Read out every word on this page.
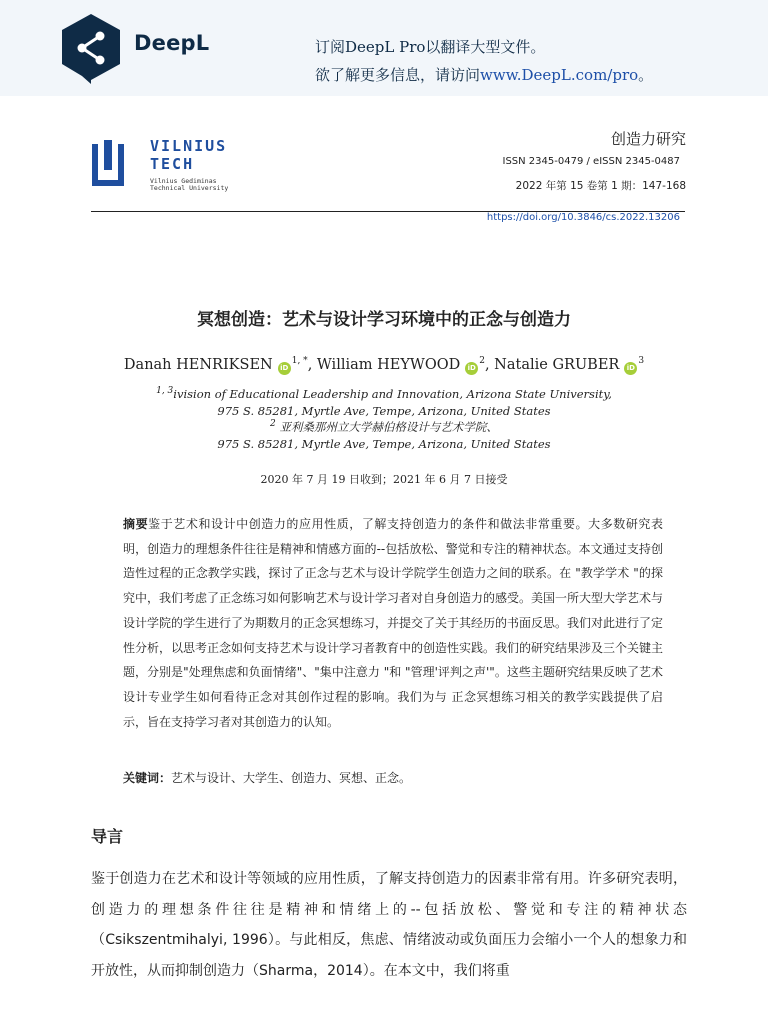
DeepL	订阅DeepL Pro以翻译大型文件。
欲了解更多信息，请访问www.DeepL.com/pro。
VILNIUS
TECH
Vilnius Gediminas
Technical University
创造力研究
ISSN 2345-0479 / eISSN 2345-0487
2022 年第 15 卷第 1 期：147-168
https://doi.org/10.3846/cs.2022.13206
冥想创造：艺术与设计学习环境中的正念与创造力
Danah HENRIKSEN $iD^{1, *}$, William HEYWOOD $iD^2$, Natalie GRUBER $iD^3$
$^{1, 3}$ivision of Educational Leadership and Innovation, Arizona State University,
975 S. 85281, Myrtle Ave, Tempe, Arizona, United States
$^2$ 亚利桑那州立大学赫伯格设计与艺术学院、
975 S. 85281, Myrtle Ave, Tempe, Arizona, United States
2020 年 7 月 19 日收到；2021 年 6 月 7 日接受
摘要鉴于艺术和设计中创造力的应用性质，了解支持创造力的条件和做法非常重要。大多数研究表明，创造力的理想条件往往是精神和情感方面的--包括放松、警觉和专注的精神状态。本文通过支持创造性过程的正念教学实践，探讨了正念与艺术与设计学院学生创造力之间的联系。在 "教学学术 "的探究中，我们考虑了正念练习如何影响艺术与设计学习者对自身创造力的感受。美国一所大型大学艺术与设计学院的学生进行了为期数月的正念冥想练习，并提交了关于其经历的书面反思。我们对此进行了定性分析，以思考正念如何支持艺术与设计学习者教育中的创造性实践。我们的研究结果涉及三个关键主题，分别是"处理焦虑和负面情绪"、"集中注意力 "和 "管理'评判之声'"。这些主题研究结果反映了艺术设计专业学生如何看待正念对其创作过程的影响。我们为与 正念冥想练习相关的教学实践提供了启示，旨在支持学习者对其创造力的认知。
关键词：艺术与设计、大学生、创造力、冥想、正念。
导言
鉴于创造力在艺术和设计等领域的应用性质，了解支持创造力的因素非常有用。许多研究表明，创造力的理想条件往往是精神和情绪上的--包括放松、警觉和专注的精神状态（Csikszentmihalyi, 1996）。与此相反，焦虑、情绪波动或负面压力会缩小一个人的想象力和开放性，从而抑制创造力（Sharma，2014）。在本文中，我们将重
